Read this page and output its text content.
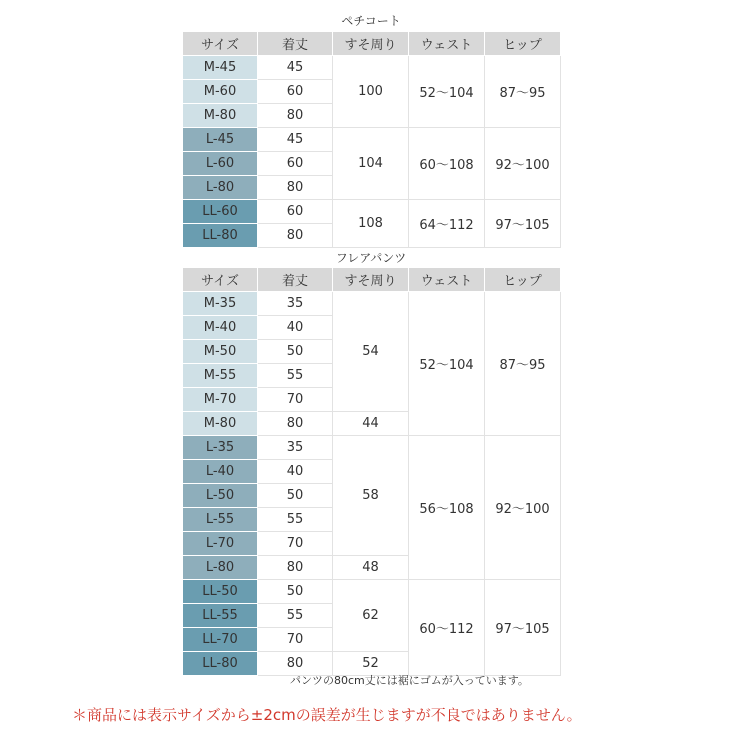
ペチコート
サイズ	着丈	すそ周り	ウェスト	ヒップ
M-45	45	100	52〜104	87〜95
M-60	60			
M-80	80			
L-45	45	104	60〜108	92〜100
L-60	60			
L-80	80			
LL-60	60	108	64〜112	97〜105
LL-80	80			
フレアパンツ
サイズ	着丈	すそ周り	ウェスト	ヒップ
M-35	35	54	52〜104	87〜95
M-40	40			
M-50	50			
M-55	55			
M-70	70			
M-80	80	44		
L-35	35	58	56〜108	92〜100
L-40	40			
L-50	50			
L-55	55			
L-70	70			
L-80	80	48		
LL-50	50	62	60〜112	97〜105
LL-55	55			
LL-70	70			
LL-80	80	52		
パンツの80cm丈には裾にゴムが入っています。
＊商品には表示サイズから±2cmの誤差が生じますが不良ではありません。
